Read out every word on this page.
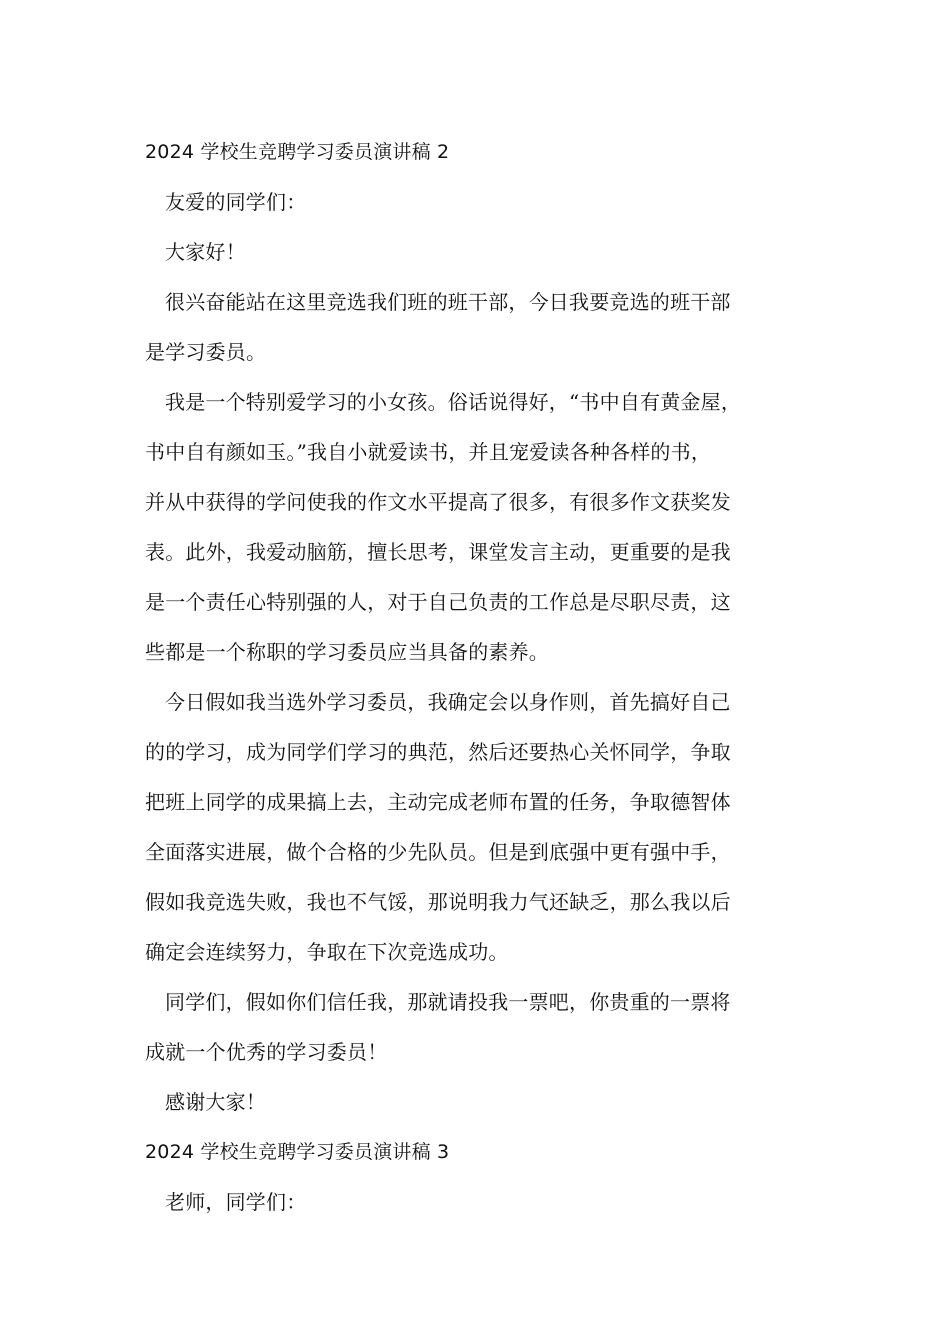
2024 学校生竞聘学习委员演讲稿 2
友爱的同学们：
大家好！
很兴奋能站在这里竞选我们班的班干部，今日我要竞选的班干部
是学习委员。
我是一个特别爱学习的小女孩。俗话说得好，“书中自有黄金屋，
书中自有颜如玉。”我自小就爱读书，并且宠爱读各种各样的书，
并从中获得的学问使我的作文水平提高了很多，有很多作文获奖发
表。此外，我爱动脑筋，擅长思考，课堂发言主动，更重要的是我
是一个责任心特别强的人，对于自己负责的工作总是尽职尽责，这
些都是一个称职的学习委员应当具备的素养。
今日假如我当选外学习委员，我确定会以身作则，首先搞好自己
的的学习，成为同学们学习的典范，然后还要热心关怀同学，争取
把班上同学的成果搞上去，主动完成老师布置的任务，争取德智体
全面落实进展，做个合格的少先队员。但是到底强中更有强中手，
假如我竞选失败，我也不气馁，那说明我力气还缺乏，那么我以后
确定会连续努力，争取在下次竞选成功。
同学们，假如你们信任我，那就请投我一票吧，你贵重的一票将
成就一个优秀的学习委员！
感谢大家！
2024 学校生竞聘学习委员演讲稿 3
老师，同学们：
